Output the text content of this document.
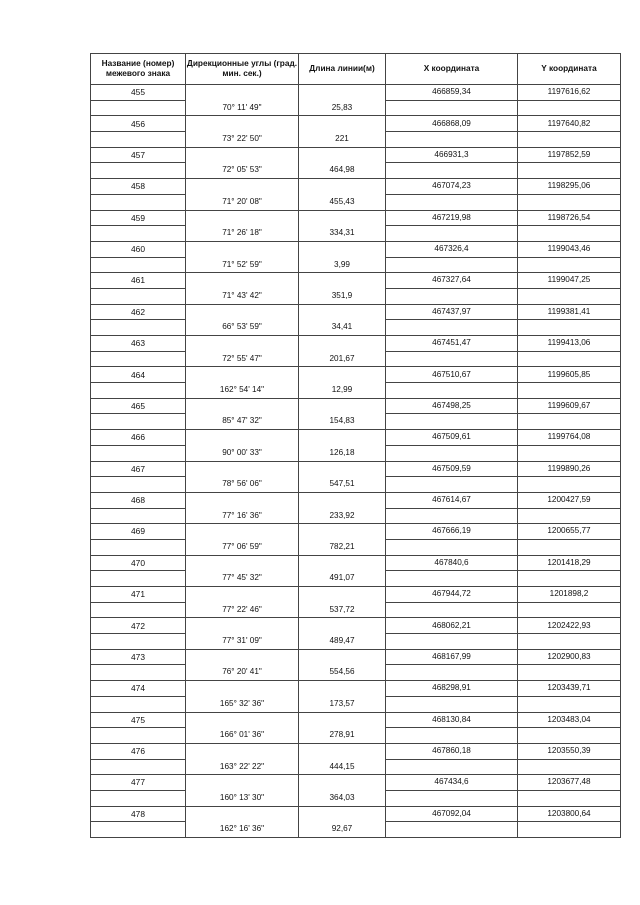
Название (номер) межевого знака	Дирекционные углы (град. мин. сек.)	Длина линии(м)	X координата	Y координата
455			466859,34	1197616,62
	70° 11' 49"	25,83		
456			466868,09	1197640,82
	73° 22' 50"	221		
457			466931,3	1197852,59
	72° 05' 53"	464,98		
458			467074,23	1198295,06
	71° 20' 08"	455,43		
459			467219,98	1198726,54
	71° 26' 18"	334,31		
460			467326,4	1199043,46
	71° 52' 59"	3,99		
461			467327,64	1199047,25
	71° 43' 42"	351,9		
462			467437,97	1199381,41
	66° 53' 59"	34,41		
463			467451,47	1199413,06
	72° 55' 47"	201,67		
464			467510,67	1199605,85
	162° 54' 14"	12,99		
465			467498,25	1199609,67
	85° 47' 32"	154,83		
466			467509,61	1199764,08
	90° 00' 33"	126,18		
467			467509,59	1199890,26
	78° 56' 06"	547,51		
468			467614,67	1200427,59
	77° 16' 36"	233,92		
469			467666,19	1200655,77
	77° 06' 59"	782,21		
470			467840,6	1201418,29
	77° 45' 32"	491,07		
471			467944,72	1201898,2
	77° 22' 46"	537,72		
472			468062,21	1202422,93
	77° 31' 09"	489,47		
473			468167,99	1202900,83
	76° 20' 41"	554,56		
474			468298,91	1203439,71
	165° 32' 36"	173,57		
475			468130,84	1203483,04
	166° 01' 36"	278,91		
476			467860,18	1203550,39
	163° 22' 22"	444,15		
477			467434,6	1203677,48
	160° 13' 30"	364,03		
478			467092,04	1203800,64
	162° 16' 36"	92,67		
